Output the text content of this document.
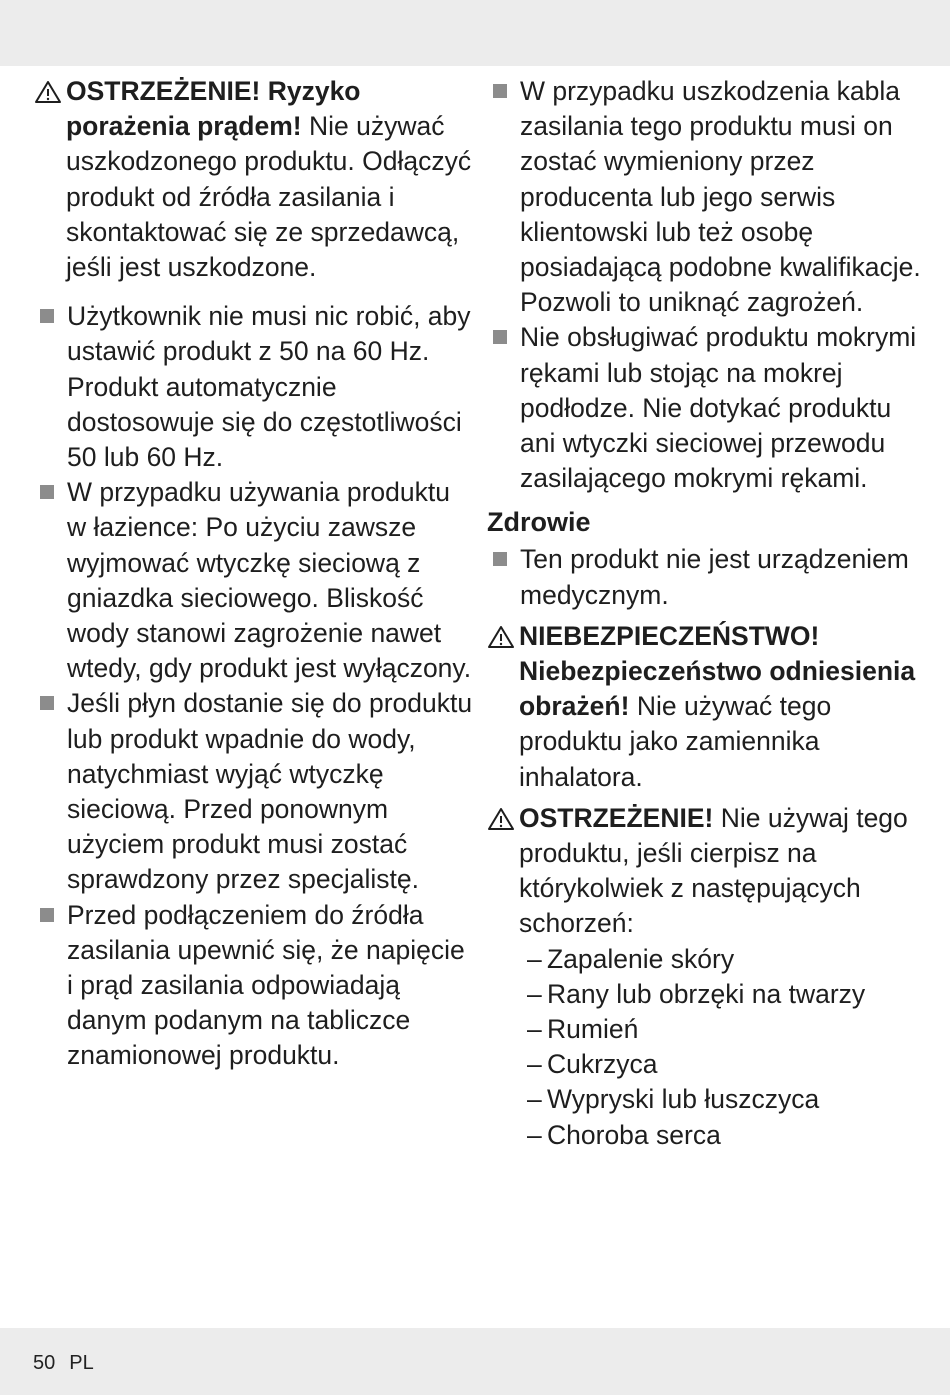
OSTRZEŻENIE! Ryzyko porażenia prądem! Nie używać uszkodzonego produktu. Odłączyć produkt od źródła zasilania i skontaktować się ze sprzedawcą, jeśli jest uszkodzone.
Użytkownik nie musi nic robić, aby ustawić produkt z 50 na 60 Hz. Produkt automatycznie dostosowuje się do częstotliwości 50 lub 60 Hz.
W przypadku używania produktu w łazience: Po użyciu zawsze wyjmować wtyczkę sieciową z gniazdka sieciowego. Bliskość wody stanowi zagrożenie nawet wtedy, gdy produkt jest wyłączony.
Jeśli płyn dostanie się do produktu lub produkt wpadnie do wody, natychmiast wyjąć wtyczkę sieciową. Przed ponownym użyciem produkt musi zostać sprawdzony przez specjalistę.
Przed podłączeniem do źródła zasilania upewnić się, że napięcie i prąd zasilania odpowiadają danym podanym na tabliczce znamionowej produktu.
W przypadku uszkodzenia kabla zasilania tego produktu musi on zostać wymieniony przez producenta lub jego serwis klientowski lub też osobę posiadającą podobne kwalifikacje. Pozwoli to uniknąć zagrożeń.
Nie obsługiwać produktu mokrymi rękami lub stojąc na mokrej podłodze. Nie dotykać produktu ani wtyczki sieciowej przewodu zasilającego mokrymi rękami.
Zdrowie
Ten produkt nie jest urządzeniem medycznym.
NIEBEZPIECZEŃSTWO! Niebezpieczeństwo odniesienia obrażeń! Nie używać tego produktu jako zamiennika inhalatora.
OSTRZEŻENIE! Nie używaj tego produktu, jeśli cierpisz na którykolwiek z następujących schorzeń:
– Zapalenie skóry
– Rany lub obrzęki na twarzy
– Rumień
– Cukrzyca
– Wypryski lub łuszczyca
– Choroba serca
50 PL
